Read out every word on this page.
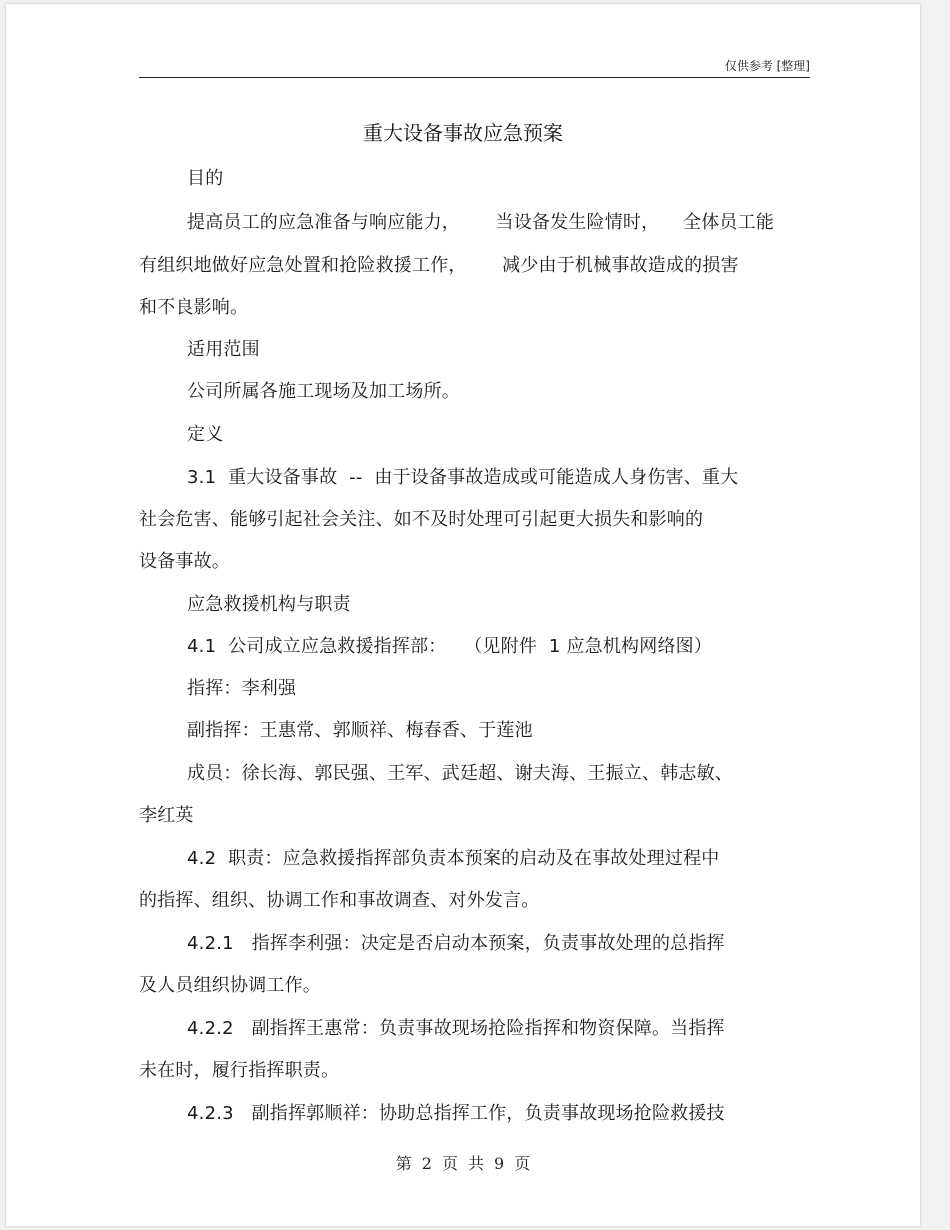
仅供参考 [整理]
重大设备事故应急预案
目的
提高员工的应急准备与响应能力，      当设备发生险情时，    全体员工能
有组织地做好应急处置和抢险救援工作，      减少由于机械事故造成的损害
和不良影响。
适用范围
公司所属各施工现场及加工场所。
定义
3.1  重大设备事故  --  由于设备事故造成或可能造成人身伤害、重大
社会危害、能够引起社会关注、如不及时处理可引起更大损失和影响的
设备事故。
应急救援机构与职责
4.1  公司成立应急救援指挥部：   （见附件  1 应急机构网络图）
指挥：李利强
副指挥：王惠常、郭顺祥、梅春香、于莲池
成员：徐长海、郭民强、王军、武廷超、谢夫海、王振立、韩志敏、
李红英
4.2  职责：应急救援指挥部负责本预案的启动及在事故处理过程中
的指挥、组织、协调工作和事故调查、对外发言。
4.2.1   指挥李利强：决定是否启动本预案，负责事故处理的总指挥
及人员组织协调工作。
4.2.2   副指挥王惠常：负责事故现场抢险指挥和物资保障。当指挥
未在时，履行指挥职责。
4.2.3   副指挥郭顺祥：协助总指挥工作，负责事故现场抢险救援技
第 2 页 共 9 页
